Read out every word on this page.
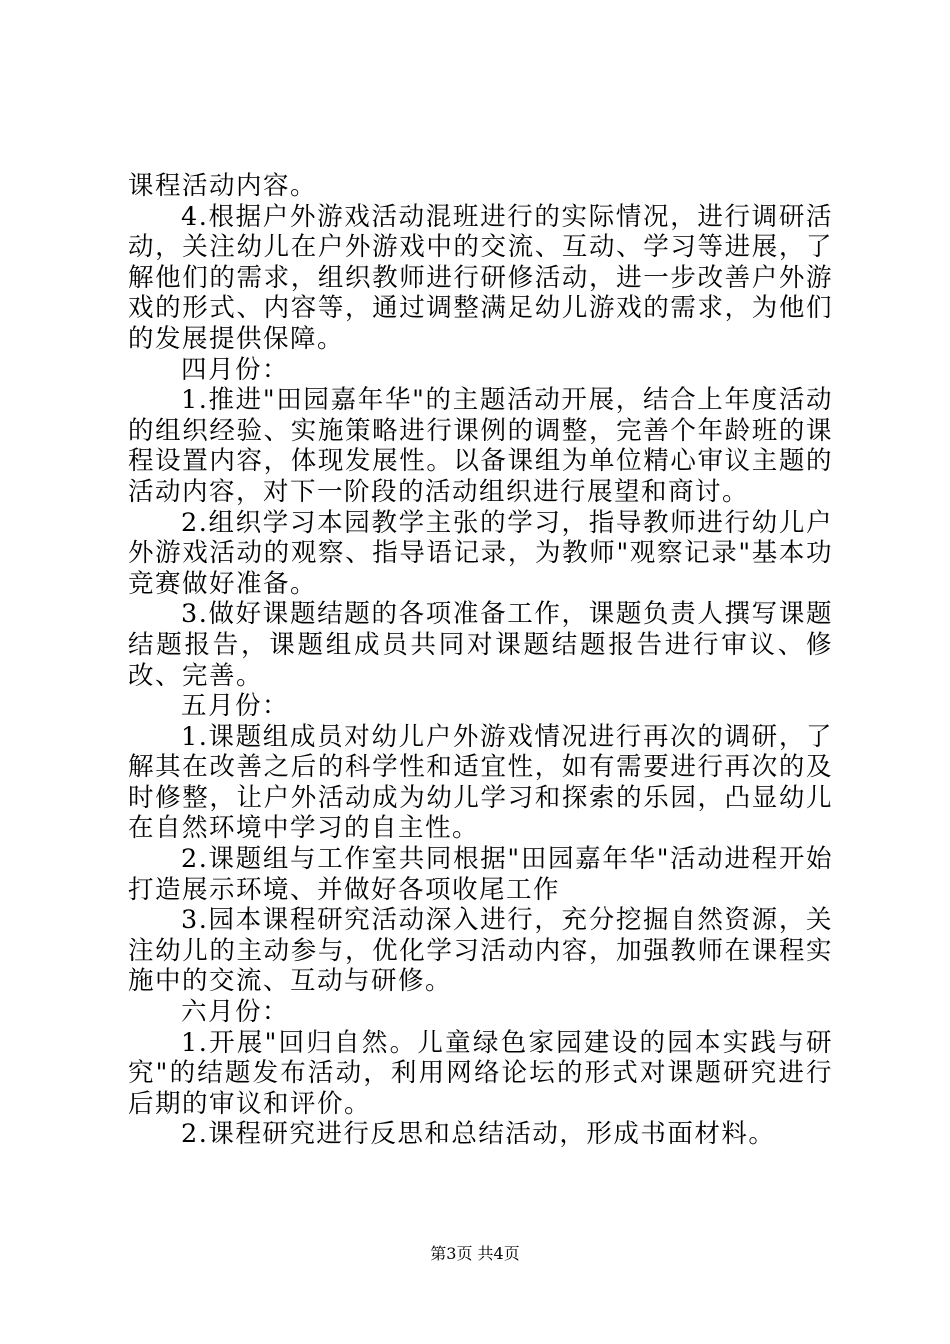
课程活动内容。

4.根据户外游戏活动混班进行的实际情况，进行调研活动，关注幼儿在户外游戏中的交流、互动、学习等进展，了解他们的需求，组织教师进行研修活动，进一步改善户外游戏的形式、内容等，通过调整满足幼儿游戏的需求，为他们的发展提供保障。

四月份：

1.推进"田园嘉年华"的主题活动开展，结合上年度活动的组织经验、实施策略进行课例的调整，完善个年龄班的课程设置内容，体现发展性。以备课组为单位精心审议主题的活动内容，对下一阶段的活动组织进行展望和商讨。

2.组织学习本园教学主张的学习，指导教师进行幼儿户外游戏活动的观察、指导语记录，为教师"观察记录"基本功竞赛做好准备。

3.做好课题结题的各项准备工作，课题负责人撰写课题结题报告，课题组成员共同对课题结题报告进行审议、修改、完善。

五月份：

1.课题组成员对幼儿户外游戏情况进行再次的调研，了解其在改善之后的科学性和适宜性，如有需要进行再次的及时修整，让户外活动成为幼儿学习和探索的乐园，凸显幼儿在自然环境中学习的自主性。

2.课题组与工作室共同根据"田园嘉年华"活动进程开始打造展示环境、并做好各项收尾工作

3.园本课程研究活动深入进行，充分挖掘自然资源，关注幼儿的主动参与，优化学习活动内容，加强教师在课程实施中的交流、互动与研修。

六月份：

1.开展"回归自然。儿童绿色家园建设的园本实践与研究"的结题发布活动，利用网络论坛的形式对课题研究进行后期的审议和评价。

2.课程研究进行反思和总结活动，形成书面材料。

第3页 共4页
